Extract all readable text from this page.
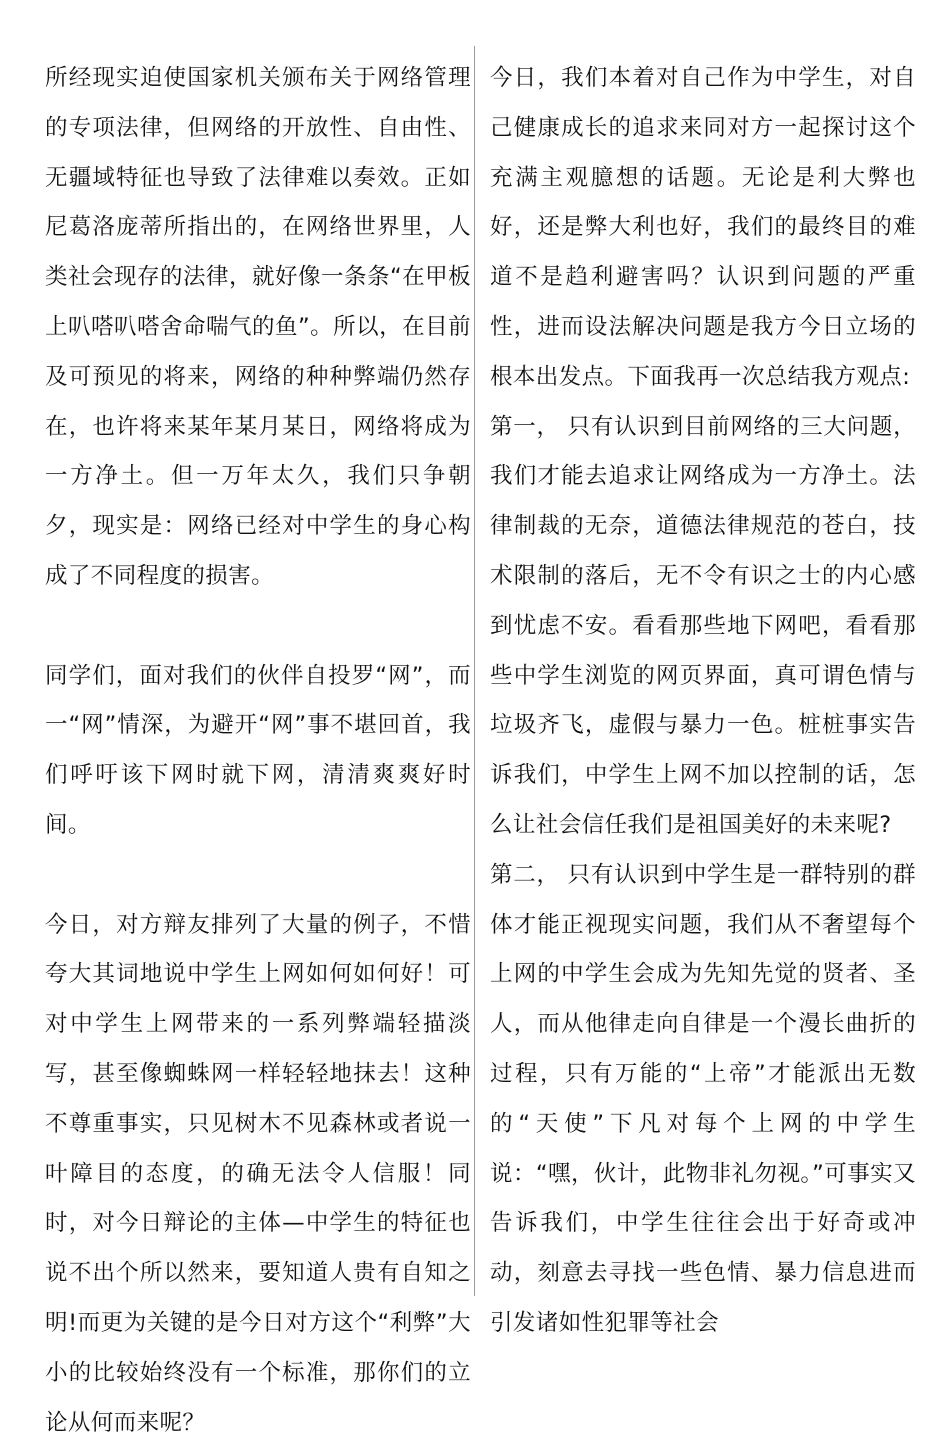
所经现实迫使国家机关颁布关于网络管理的专项法律，但网络的开放性、自由性、无疆域特征也导致了法律难以奏效。正如尼葛洛庞蒂所指出的，在网络世界里，人类社会现存的法律，就好像一条条“在甲板上叭嗒叭嗒舍命喘气的鱼”。所以，在目前及可预见的将来，网络的种种弊端仍然存在，也许将来某年某月某日，网络将成为一方净土。但一万年太久，我们只争朝夕，现实是：网络已经对中学生的身心构成了不同程度的损害。

同学们，面对我们的伙伴自投罗“网”，而一“网”情深，为避开“网”事不堪回首，我们呼吁该下网时就下网，清清爽爽好时间。

今日，对方辩友排列了大量的例子，不惜夸大其词地说中学生上网如何如何好！可对中学生上网带来的一系列弊端轻描淡写，甚至像蜘蛛网一样轻轻地抹去！这种不尊重事实，只见树木不见森林或者说一叶障目的态度，的确无法令人信服！同时，对今日辩论的主体—中学生的特征也说不出个所以然来，要知道人贵有自知之明!而更为关键的是今日对方这个“利弊”大小的比较始终没有一个标准，那你们的立论从何而来呢？

今日，我们本着对自己作为中学生，对自己健康成长的追求来同对方一起探讨这个充满主观臆想的话题。无论是利大弊也好，还是弊大利也好，我们的最终目的难道不是趋利避害吗？认识到问题的严重性，进而设法解决问题是我方今日立场的根本出发点。下面我再一次总结我方观点:

第一， 只有认识到目前网络的三大问题，我们才能去追求让网络成为一方净土。法律制裁的无奈，道德法律规范的苍白，技术限制的落后，无不令有识之士的内心感到忧虑不安。看看那些地下网吧，看看那些中学生浏览的网页界面，真可谓色情与垃圾齐飞，虚假与暴力一色。桩桩事实告诉我们，中学生上网不加以控制的话，怎么让社会信任我们是祖国美好的未来呢?

第二， 只有认识到中学生是一群特别的群体才能正视现实问题，我们从不奢望每个上网的中学生会成为先知先觉的贤者、圣人，而从他律走向自律是一个漫长曲折的过程，只有万能的“上帝”才能派出无数的“天使”下凡对每个上网的中学生说：“嘿，伙计，此物非礼勿视。”可事实又告诉我们，中学生往往会出于好奇或冲动，刻意去寻找一些色情、暴力信息进而引发诸如性犯罪等社会
